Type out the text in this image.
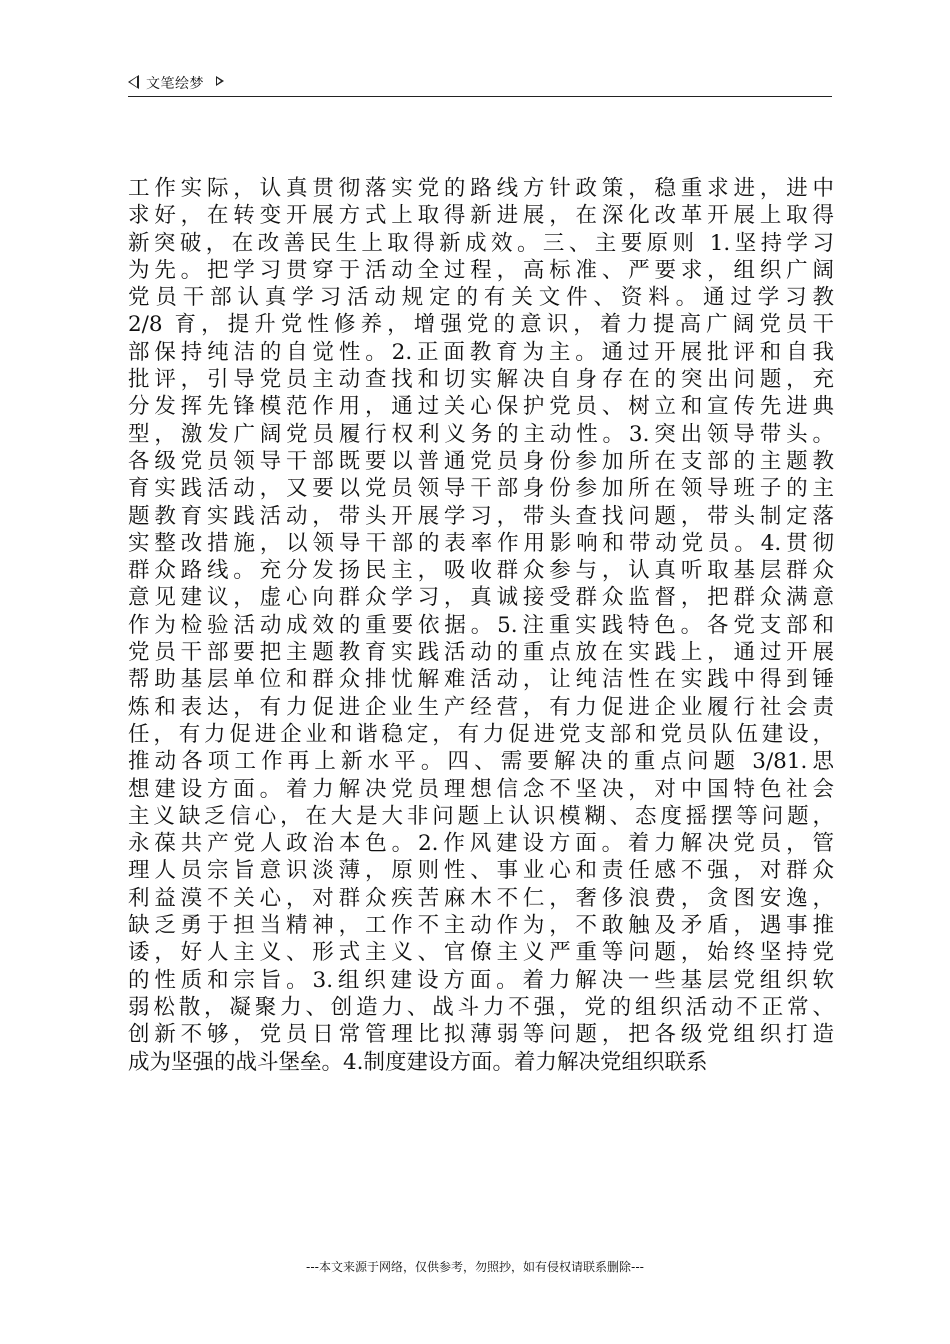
文笔绘梦
工作实际，认真贯彻落实党的路线方针政策，稳重求进，进中
求好，在转变开展方式上取得新进展，在深化改革开展上取得
新突破，在改善民生上取得新成效。三、主要原则 1.坚持学习
为先。把学习贯穿于活动全过程，高标准、严要求，组织广阔
党员干部认真学习活动规定的有关文件、资料。通过学习教
2/8 育，提升党性修养，增强党的意识，着力提高广阔党员干
部保持纯洁的自觉性。2.正面教育为主。通过开展批评和自我
批评，引导党员主动查找和切实解决自身存在的突出问题，充
分发挥先锋模范作用，通过关心保护党员、树立和宣传先进典
型，激发广阔党员履行权利义务的主动性。3.突出领导带头。
各级党员领导干部既要以普通党员身份参加所在支部的主题教
育实践活动，又要以党员领导干部身份参加所在领导班子的主
题教育实践活动，带头开展学习，带头查找问题，带头制定落
实整改措施，以领导干部的表率作用影响和带动党员。4.贯彻
群众路线。充分发扬民主，吸收群众参与，认真听取基层群众
意见建议，虚心向群众学习，真诚接受群众监督，把群众满意
作为检验活动成效的重要依据。5.注重实践特色。各党支部和
党员干部要把主题教育实践活动的重点放在实践上，通过开展
帮助基层单位和群众排忧解难活动，让纯洁性在实践中得到锤
炼和表达，有力促进企业生产经营，有力促进企业履行社会责
任，有力促进企业和谐稳定，有力促进党支部和党员队伍建设，
推动各项工作再上新水平。四、需要解决的重点问题 3/81.思
想建设方面。着力解决党员理想信念不坚决，对中国特色社会
主义缺乏信心，在大是大非问题上认识模糊、态度摇摆等问题，
永葆共产党人政治本色。2.作风建设方面。着力解决党员，管
理人员宗旨意识淡薄，原则性、事业心和责任感不强，对群众
利益漠不关心，对群众疾苦麻木不仁，奢侈浪费，贪图安逸，
缺乏勇于担当精神，工作不主动作为，不敢触及矛盾，遇事推
诿，好人主义、形式主义、官僚主义严重等问题，始终坚持党
的性质和宗旨。3.组织建设方面。着力解决一些基层党组织软
弱松散，凝聚力、创造力、战斗力不强，党的组织活动不正常、
创新不够，党员日常管理比拟薄弱等问题，把各级党组织打造
成为坚强的战斗堡垒。4.制度建设方面。着力解决党组织联系
---本文来源于网络，仅供参考，勿照抄，如有侵权请联系删除---
